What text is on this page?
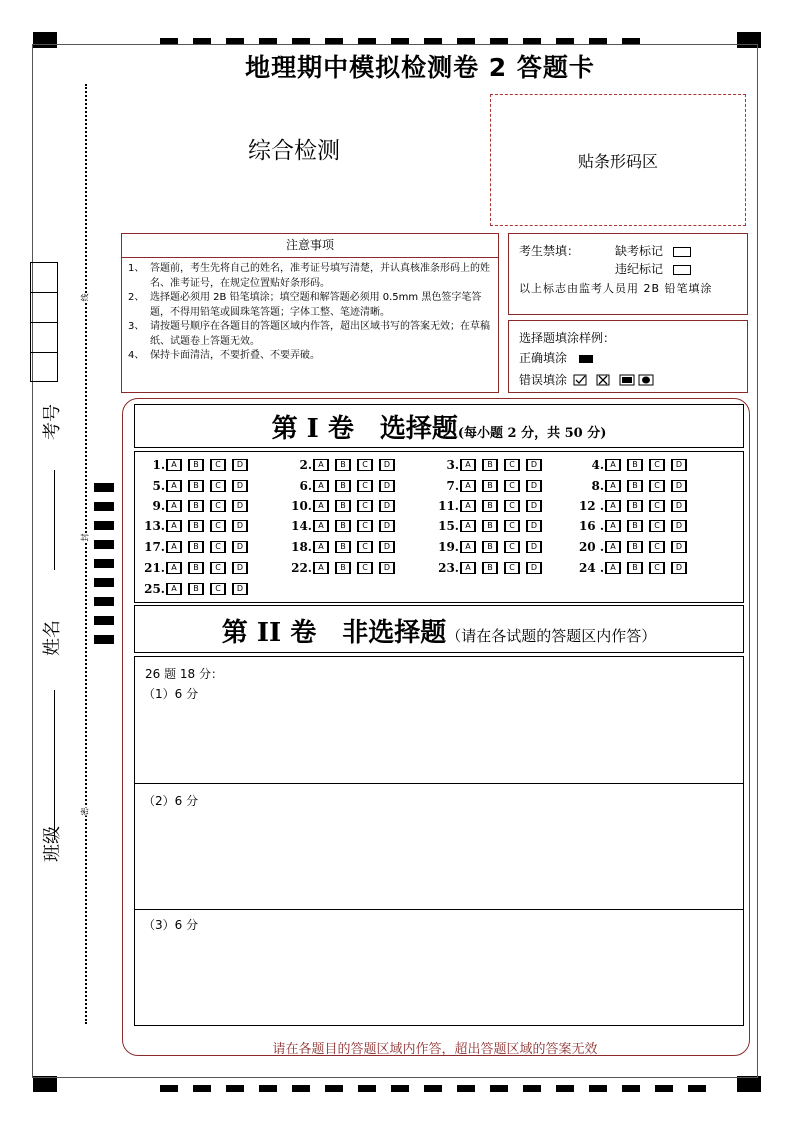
考号
姓名
班级
线
封
密
地理期中模拟检测卷 2 答题卡
综合检测	贴条形码区
注意事项
1、 答题前，考生先将自己的姓名，准考证号填写清楚，并认真核准条形码上的姓名、准考证号，在规定位置贴好条形码。
2、 选择题必须用 2B 铅笔填涂；填空题和解答题必须用 0.5mm 黑色签字笔答题，不得用铅笔或圆珠笔答题；字体工整、笔迹清晰。
3、 请按题号顺序在各题目的答题区域内作答，超出区域书写的答案无效；在草稿纸、试题卷上答题无效。
4、 保持卡面清洁，不要折叠、不要弄破。
考生禁填：	缺考标记
违纪标记
以上标志由监考人员用 2B 铅笔填涂
选择题填涂样例：
正确填涂
错误填涂
第 I 卷　选择题(每小题 2 分，共 50 分)
1. A	B	C	D	2. A	B	C	D	3. A	B	C	D	4. A	B	C	D
5. A	B	C	D	6. A	B	C	D	7. A	B	C	D	8. A	B	C	D
9. A	B	C	D	10. A	B	C	D	11. A	B	C	D	12 . A	B	C	D
13. A	B	C	D	14. A	B	C	D	15. A	B	C	D	16 . A	B	C	D
17. A	B	C	D	18. A	B	C	D	19. A	B	C	D	20 . A	B	C	D
21. A	B	C	D	22. A	B	C	D	23. A	B	C	D	24 . A	B	C	D
25. A	B	C	D
第 II 卷　非选择题（请在各试题的答题区内作答）
26 题 18 分：
（1）6 分
（2）6 分
（3）6 分
请在各题目的答题区域内作答，超出答题区域的答案无效
